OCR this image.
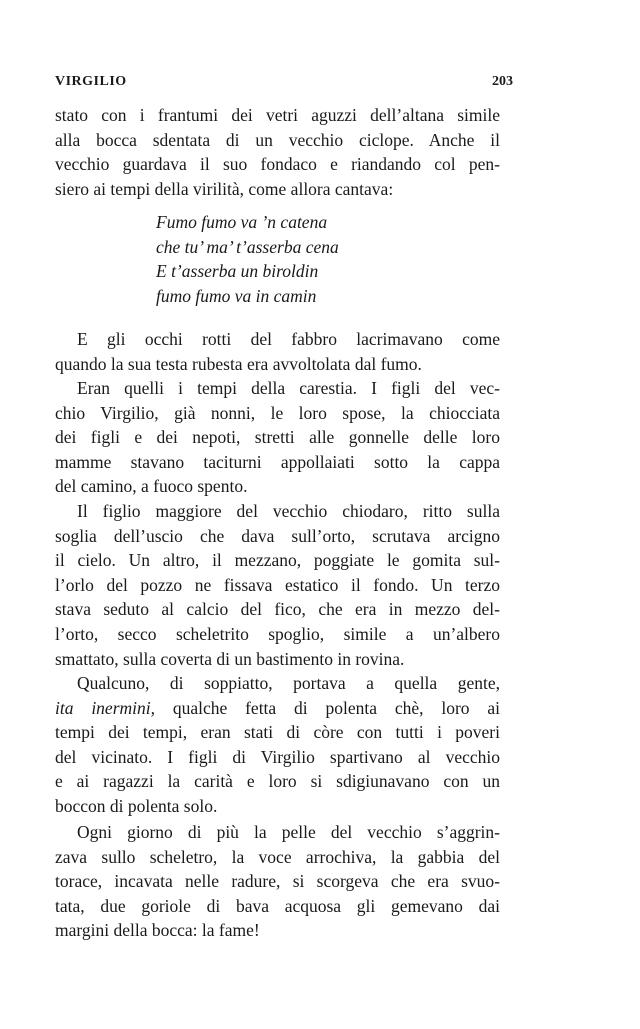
VIRGILIO	203
stato con i frantumi dei vetri aguzzi dell’altana simile
alla bocca sdentata di un vecchio ciclope. Anche il
vecchio guardava il suo fondaco e riandando col pen-
siero ai tempi della virilità, come allora cantava:
Fumo fumo va ’n catena
che tu’ ma’ t’asserba cena
E t’asserba un biroldin
fumo fumo va in camin
E gli occhi rotti del fabbro lacrimavano come
quando la sua testa rubesta era avvoltolata dal fumo.
Eran quelli i tempi della carestia. I figli del vec-
chio Virgilio, già nonni, le loro spose, la chiocciata
dei figli e dei nepoti, stretti alle gonnelle delle loro
mamme stavano taciturni appollaiati sotto la cappa
del camino, a fuoco spento.
Il figlio maggiore del vecchio chiodaro, ritto sulla
soglia dell’uscio che dava sull’orto, scrutava arcigno
il cielo. Un altro, il mezzano, poggiate le gomita sul-
l’orlo del pozzo ne fissava estatico il fondo. Un terzo
stava seduto al calcio del fico, che era in mezzo del-
l’orto, secco scheletrito spoglio, simile a un’albero
smattato, sulla coverta di un bastimento in rovina.
Qualcuno, di soppiatto, portava a quella gente,
ita inermini, qualche fetta di polenta chè, loro ai
tempi dei tempi, eran stati di còre con tutti i poveri
del vicinato. I figli di Virgilio spartivano al vecchio
e ai ragazzi la carità e loro si sdigiunavano con un
boccon di polenta solo.
Ogni giorno di più la pelle del vecchio s’aggrin-
zava sullo scheletro, la voce arrochiva, la gabbia del
torace, incavata nelle radure, si scorgeva che era svuo-
tata, due goriole di bava acquosa gli gemevano dai
margini della bocca: la fame!
